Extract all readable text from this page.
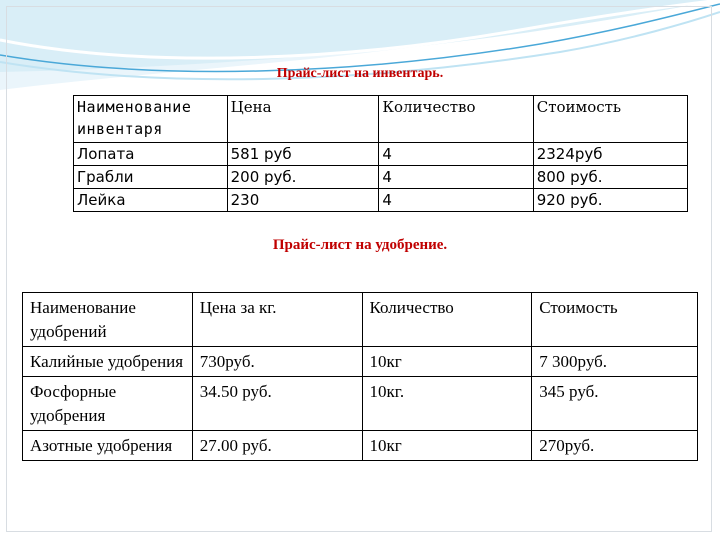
Прайс-лист на инвентарь.
Наименование инвентаря	Цена	Количество	Стоимость
Лопата	581 руб	4	2324руб
Грабли	200 руб.	4	800 руб.
Лейка	230	4	920 руб.
Прайс-лист на удобрение.
Наименование удобрений	Цена за кг.	Количество	Стоимость
Калийные удобрения	730руб.	10кг	7 300руб.
Фосфорные удобрения	34.50 руб.	10кг.	345 руб.
Азотные удобрения	27.00 руб.	10кг	270руб.
